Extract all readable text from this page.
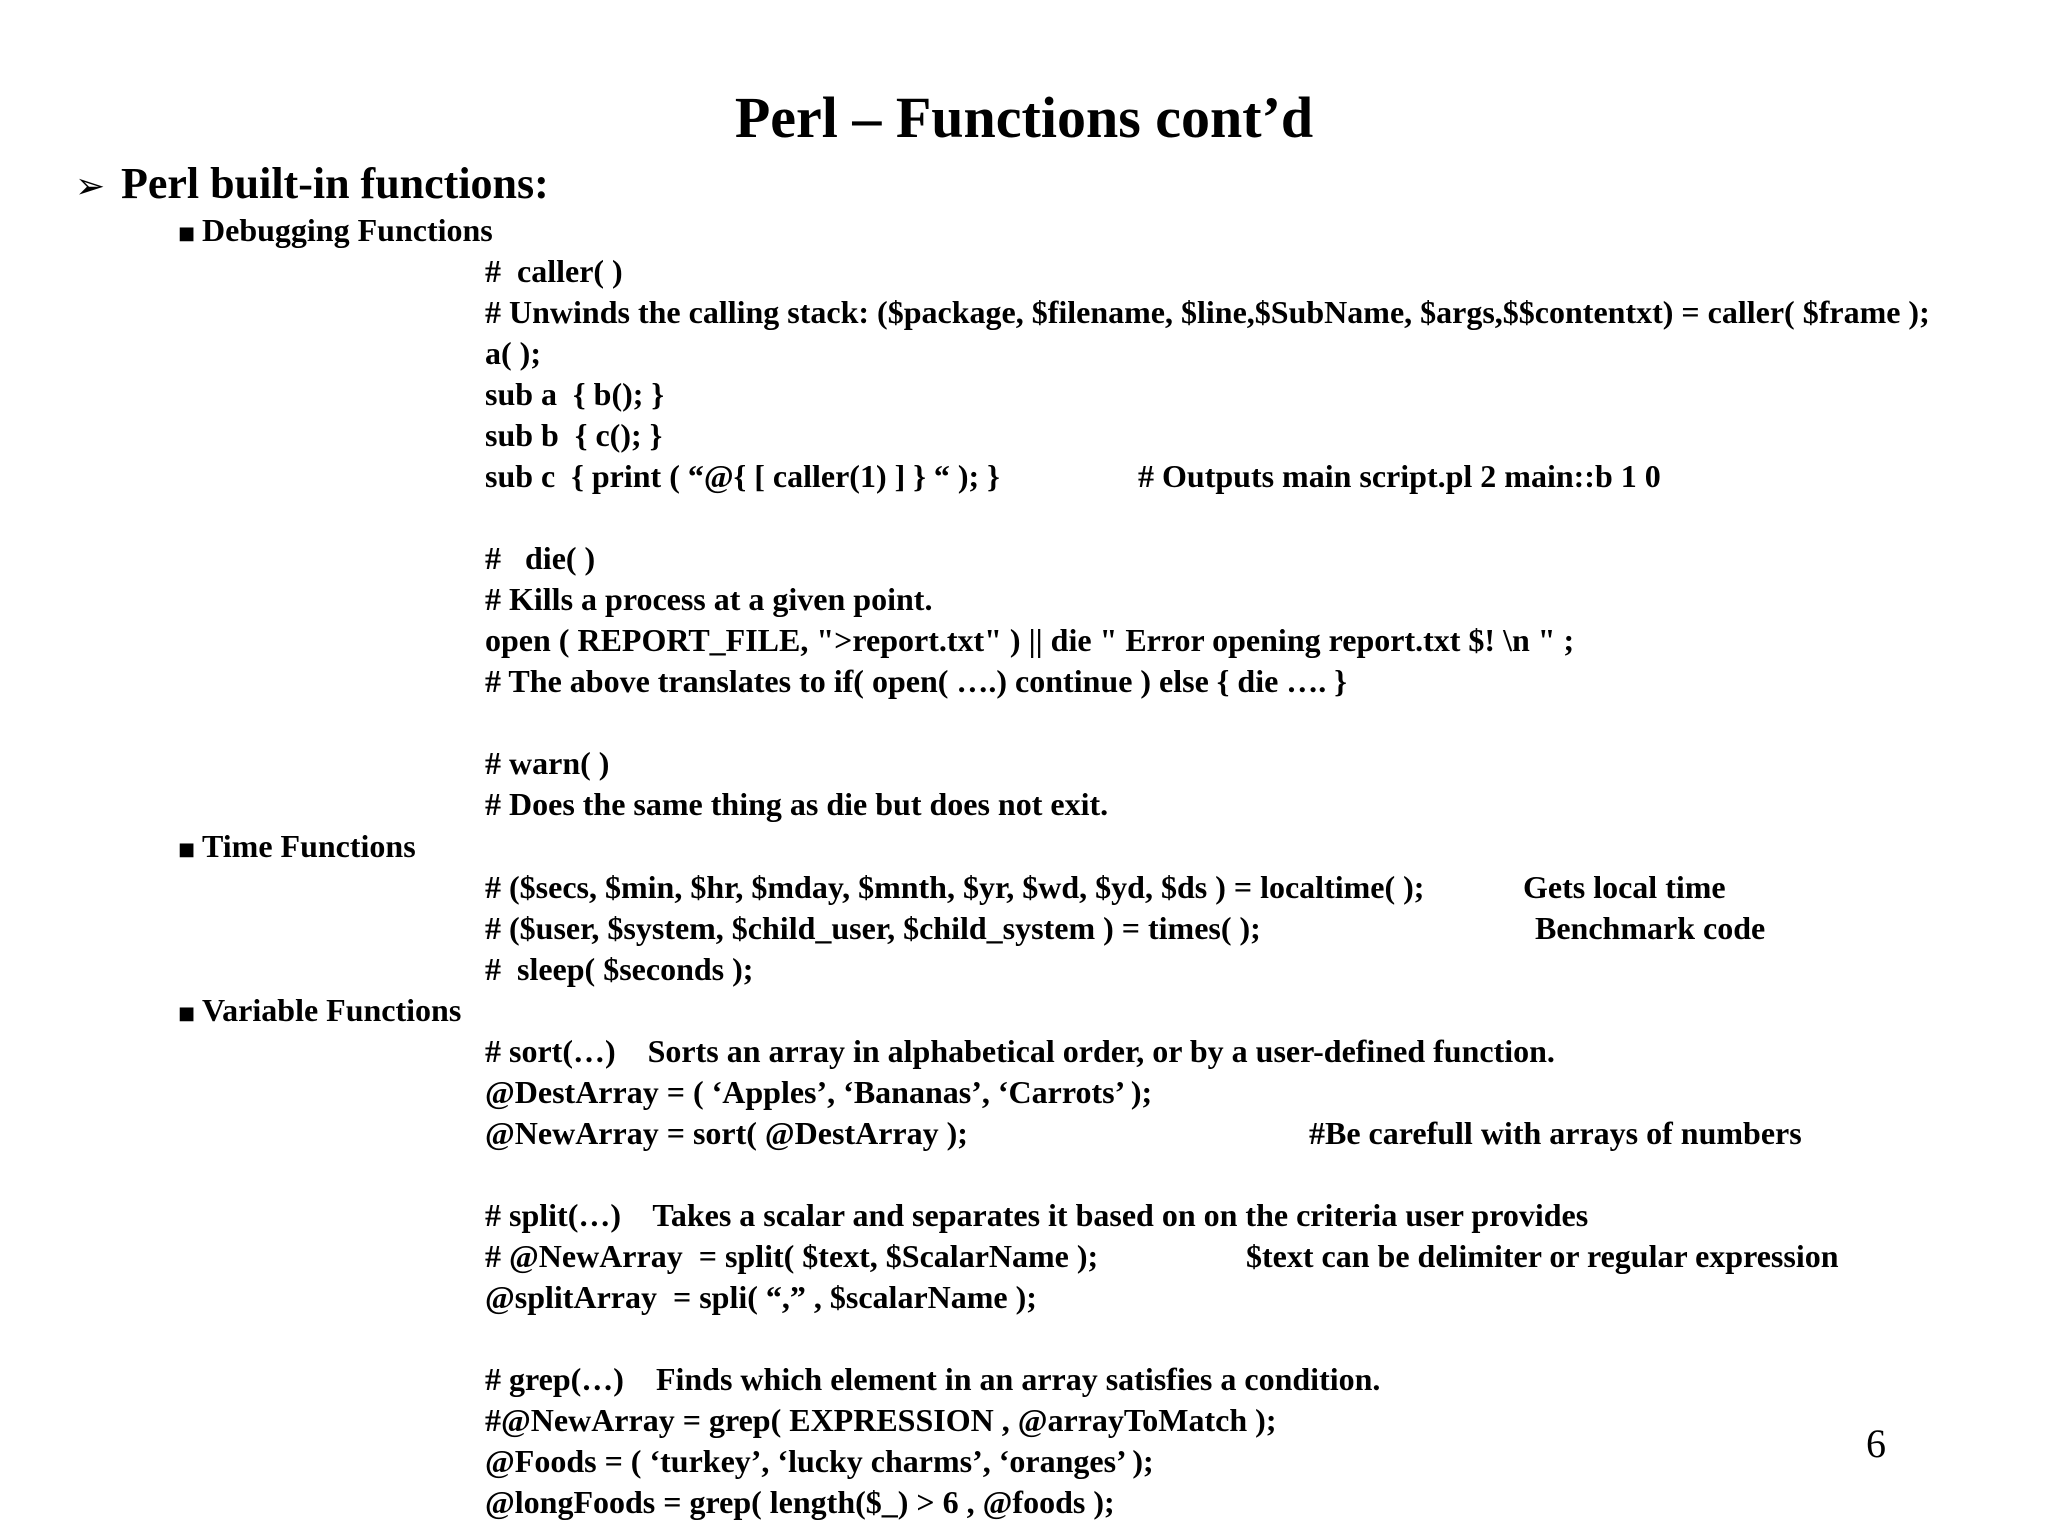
Perl – Functions cont’d
➢ Perl built-in functions:
■ Debugging Functions
#  caller( )
# Unwinds the calling stack: ($package, $filename, $line,$SubName, $args,$$contentxt) = caller( $frame );
a( );
sub a  { b(); }
sub b  { c(); }
sub c  { print ( “@{ [ caller(1) ] } “ ); }	# Outputs main script.pl 2 main::b 1 0
#   die( )
# Kills a process at a given point.
open ( REPORT_FILE, ">report.txt" ) || die " Error opening report.txt $! \n " ;
# The above translates to if( open( ….) continue ) else { die …. }
# warn( )
# Does the same thing as die but does not exit.
■ Time Functions
# ($secs, $min, $hr, $mday, $mnth, $yr, $wd, $yd, $ds ) = localtime( );	Gets local time
# ($user, $system, $child_user, $child_system ) = times( );	Benchmark code
#  sleep( $seconds );
■ Variable Functions
# sort(…)    Sorts an array in alphabetical order, or by a user-defined function.
@DestArray = ( ‘Apples’, ‘Bananas’, ‘Carrots’ );
@NewArray = sort( @DestArray );	#Be carefull with arrays of numbers
# split(…)    Takes a scalar and separates it based on on the criteria user provides
# @NewArray  = split( $text, $ScalarName );	$text can be delimiter or regular expression
@splitArray  = spli( “,” , $scalarName );
# grep(…)    Finds which element in an array satisfies a condition.
#@NewArray = grep( EXPRESSION , @arrayToMatch );
@Foods = ( ‘turkey’, ‘lucky charms’, ‘oranges’ );
@longFoods = grep( length($_) > 6 , @foods );
6
